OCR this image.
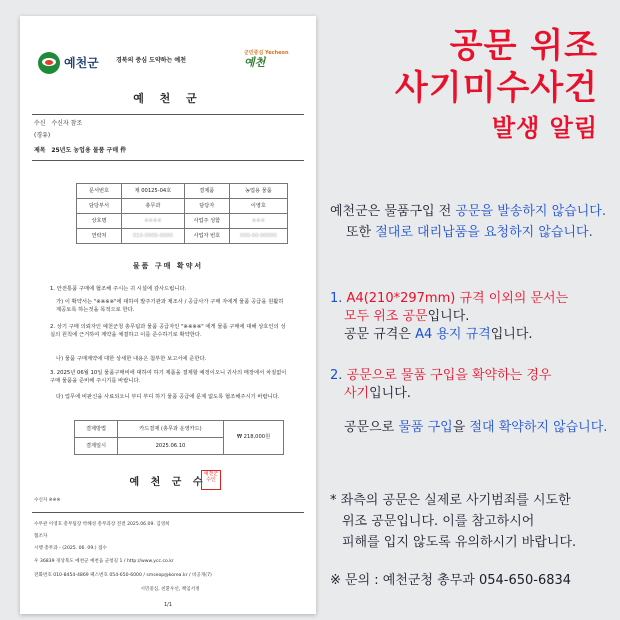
예천군	경북의 중심 도약하는 예천
군민중심 Yecheon
예천
예 천 군
수신 수신자 참조
(경유)
제목 25년도 농업용 물품 구매 件
문서번호	제 00125-04호	결제품	농업용 물품
담당부서	총무과	담당자	이영호
상호명	※※※※	사업주 성함	※※※
연락처	010-0000-0000	사업자 번호	000-00-00000
물품 구매 확약서
1. 안전통품 구매에 협조해 주시는 귀 시설에 감사드립니다.
가) 이 확약서는 "※※※※"에 대하여 발주기관과 제조사 / 공급사가 구매 자에게 물품 공급을 원활히 제공토록 하는것을 목적으로 한다.
2. 상기 구매 의뢰자인 예천군청 총무팀과 물품 공급자인 "※※※※" 에게 물품 구매에 대해 상호인의 성실의 원칙에 근거하여 계약을 체결하고 이를 준수하기로 확약한다.
나) 물품 구매계약에 대한 상세한 내용은 첨부한 보고서에 준한다.
3. 2025년 06월 10일 물품구매비에 대하여 하기 제품을 결제할 예정이오니 귀사의 매장에서 차질없이 구매 물품을 준비해 주시기를 바랍니다.
다) 업무에 비판신을 사료되오니 부디 부디 하기 물품 공급에 문제 없도록 협조해주시기 바랍니다.
결제방법	카드결제 (총무과 운영카드)	₩ 218,000원
결제일시	2025.06.10	
예 천 군 수
예천군수인
수신자 ※※※
수무관 이영호 총무팀장 박혜성 총무과장 전결 2025.06.09. 김영희
협조자
시행 총무과 - (2025. 06. 09.) 접수
우 36839 경상북도 예천군 예천읍 군청길 1 / http://www.ycc.co.kr
전화번호 010-8454-4869 팩스번호 054-650-6000 / smseop@korea.kr / 비공개(7)
시민중심, 친환우선, 책임서정
1/1
공문 위조
사기미수사건
발생 알림
예천군은 물품구입 전 공문을 발송하지 않습니다.
또한 절대로 대리납품을 요청하지 않습니다.
1. A4(210*297mm) 규격 이외의 문서는
모두 위조 공문입니다.
공문 규격은 A4 용지 규격입니다.
2. 공문으로 물품 구입을 확약하는 경우
사기입니다.
공문으로 물품 구입을 절대 확약하지 않습니다.
* 좌측의 공문은 실제로 사기범죄를 시도한
위조 공문입니다. 이를 참고하시어
피해를 입지 않도록 유의하시기 바랍니다.
※ 문의 : 예천군청 총무과 054-650-6834
